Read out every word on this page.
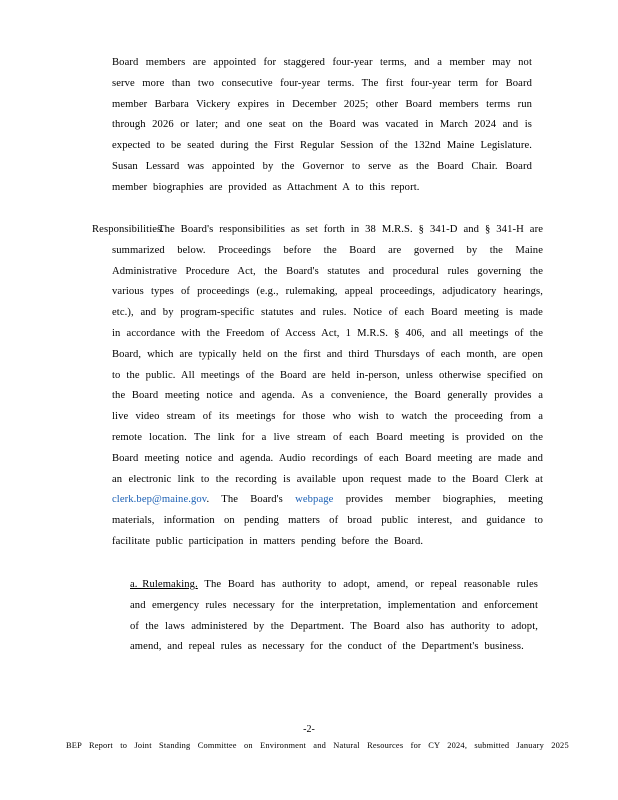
Board members are appointed for staggered four-year terms, and a member may not serve more than two consecutive four-year terms. The first four-year term for Board member Barbara Vickery expires in December 2025; other Board members terms run through 2026 or later; and one seat on the Board was vacated in March 2024 and is expected to be seated during the First Regular Session of the 132nd Maine Legislature. Susan Lessard was appointed by the Governor to serve as the Board Chair. Board member biographies are provided as Attachment A to this report.

Responsibilities.
The Board's responsibilities as set forth in 38 M.R.S. § 341-D and § 341-H are summarized below. Proceedings before the Board are governed by the Maine Administrative Procedure Act, the Board's statutes and procedural rules governing the various types of proceedings (e.g., rulemaking, appeal proceedings, adjudicatory hearings, etc.), and by program-specific statutes and rules. Notice of each Board meeting is made in accordance with the Freedom of Access Act, 1 M.R.S. § 406, and all meetings of the Board, which are typically held on the first and third Thursdays of each month, are open to the public. All meetings of the Board are held in-person, unless otherwise specified on the Board meeting notice and agenda. As a convenience, the Board generally provides a live video stream of its meetings for those who wish to watch the proceeding from a remote location. The link for a live stream of each Board meeting is provided on the Board meeting notice and agenda. Audio recordings of each Board meeting are made and an electronic link to the recording is available upon request made to the Board Clerk at clerk.bep@maine.gov. The Board's webpage provides member biographies, meeting materials, information on pending matters of broad public interest, and guidance to facilitate public participation in matters pending before the Board.

a. Rulemaking. The Board has authority to adopt, amend, or repeal reasonable rules and emergency rules necessary for the interpretation, implementation and enforcement of the laws administered by the Department. The Board also has authority to adopt, amend, and repeal rules as necessary for the conduct of the Department's business.

-2-
BEP Report to Joint Standing Committee on Environment and Natural Resources for CY 2024, submitted January 202 5
